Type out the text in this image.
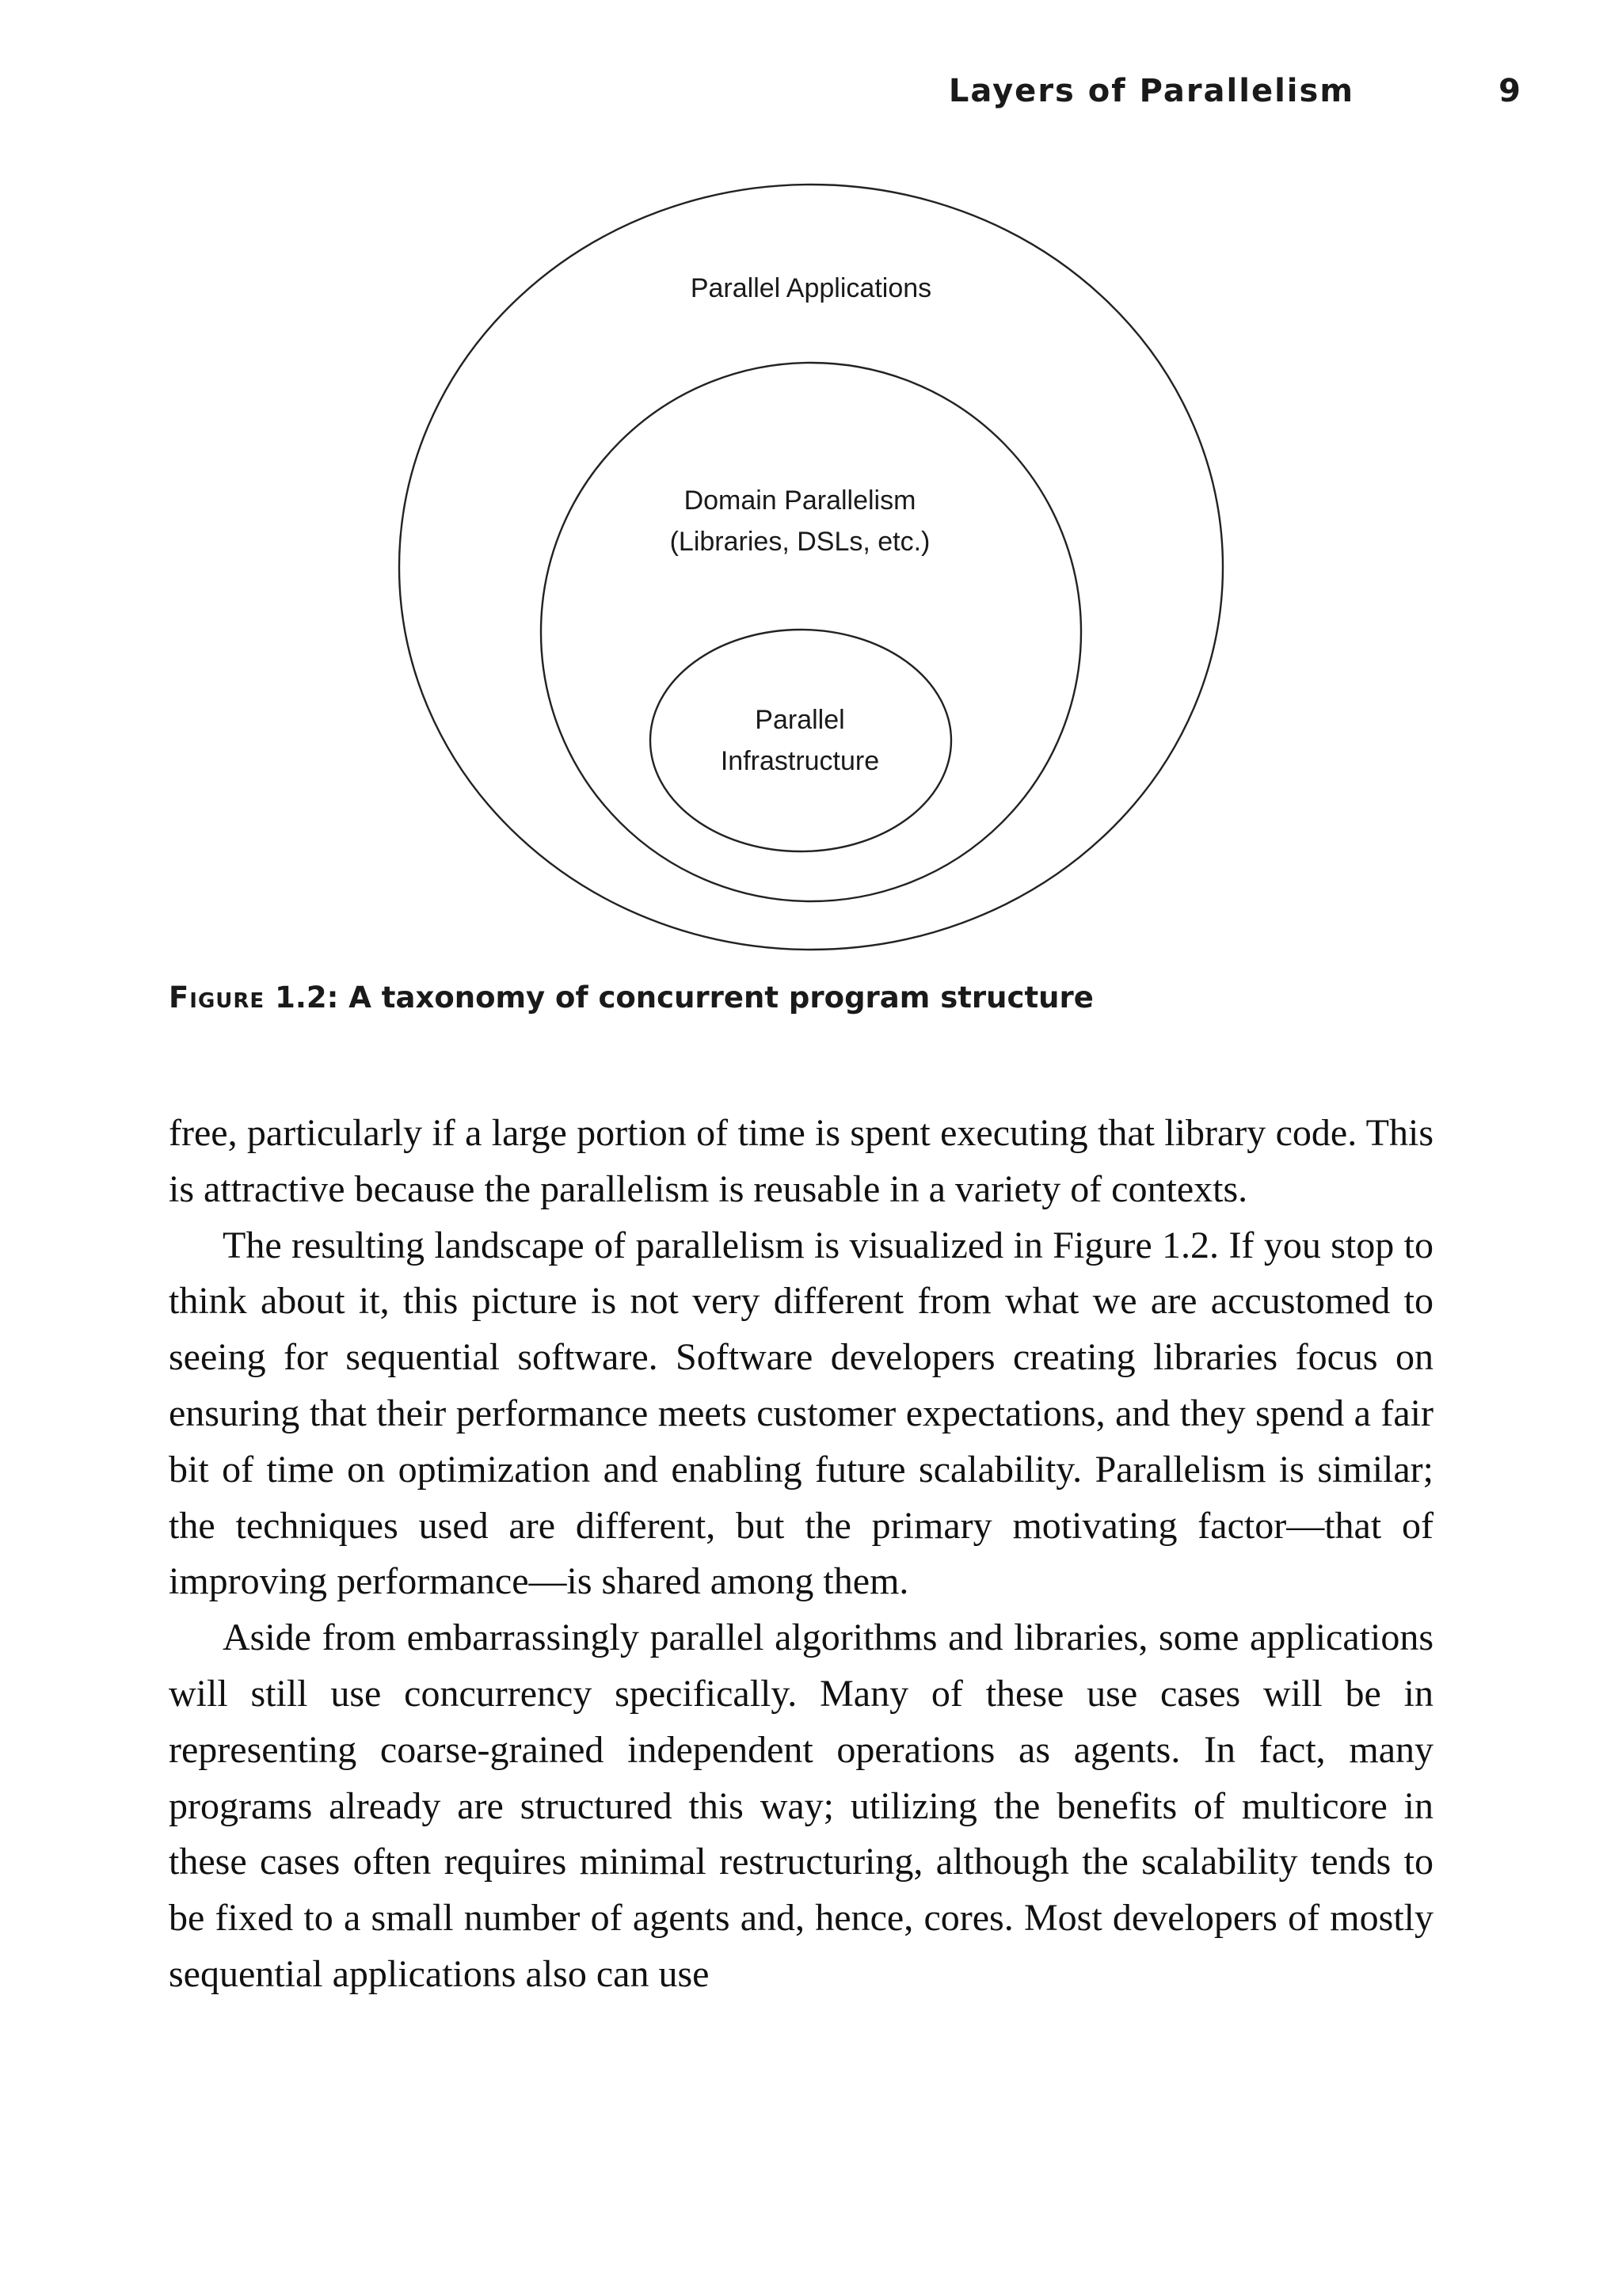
Layers of Parallelism	9
Parallel Applications
Domain Parallelism
(Libraries, DSLs, etc.)
Parallel
Infrastructure
Figure 1.2: A taxonomy of concurrent program structure

free, particularly if a large portion of time is spent executing that library code. This is attractive because the parallelism is reusable in a variety of contexts.

The resulting landscape of parallelism is visualized in Figure 1.2. If you stop to think about it, this picture is not very different from what we are accustomed to seeing for sequential software. Software developers creating libraries focus on ensuring that their performance meets customer expectations, and they spend a fair bit of time on optimization and enabling future scalability. Parallelism is similar; the techniques used are different, but the primary motivating factor—that of improving performance—is shared among them.

Aside from embarrassingly parallel algorithms and libraries, some applications will still use concurrency specifically. Many of these use cases will be in representing coarse-grained independent operations as agents. In fact, many programs already are structured this way; utilizing the benefits of multicore in these cases often requires minimal restructuring, although the scalability tends to be fixed to a small number of agents and, hence, cores. Most developers of mostly sequential applications also can use
